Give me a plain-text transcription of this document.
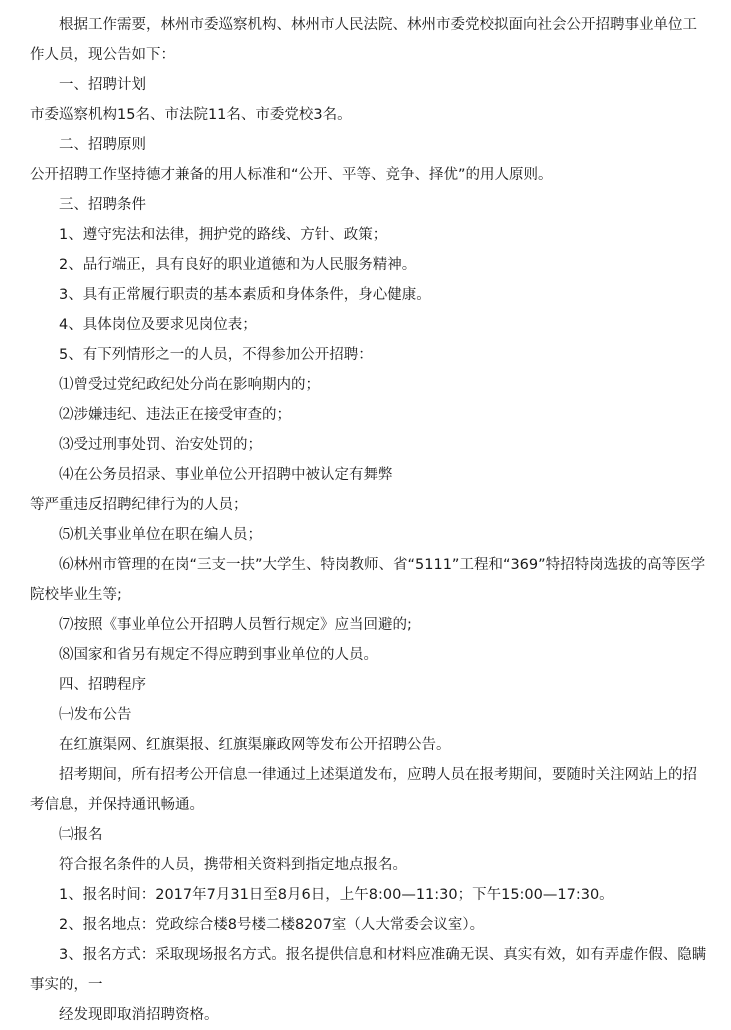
根据工作需要，林州市委巡察机构、林州市人民法院、林州市委党校拟面向社会公开招聘事业单位工作人员，现公告如下：

一、招聘计划

市委巡察机构15名、市法院11名、市委党校3名。

二、招聘原则

公开招聘工作坚持德才兼备的用人标准和“公开、平等、竞争、择优”的用人原则。

三、招聘条件

1、遵守宪法和法律，拥护党的路线、方针、政策；

2、品行端正，具有良好的职业道德和为人民服务精神。

3、具有正常履行职责的基本素质和身体条件，身心健康。

4、具体岗位及要求见岗位表；

5、有下列情形之一的人员，不得参加公开招聘：

⑴曾受过党纪政纪处分尚在影响期内的；

⑵涉嫌违纪、违法正在接受审查的；

⑶受过刑事处罚、治安处罚的；

⑷在公务员招录、事业单位公开招聘中被认定有舞弊

等严重违反招聘纪律行为的人员；

⑸机关事业单位在职在编人员；

⑹林州市管理的在岗“三支一扶”大学生、特岗教师、省“5111”工程和“369”特招特岗选拔的高等医学院校毕业生等;

⑺按照《事业单位公开招聘人员暂行规定》应当回避的;

⑻国家和省另有规定不得应聘到事业单位的人员。

四、招聘程序

㈠发布公告

在红旗渠网、红旗渠报、红旗渠廉政网等发布公开招聘公告。

招考期间，所有招考公开信息一律通过上述渠道发布，应聘人员在报考期间，要随时关注网站上的招考信息，并保持通讯畅通。

㈡报名

符合报名条件的人员，携带相关资料到指定地点报名。

1、报名时间：2017年7月31日至8月6日，上午8:00—11:30；下午15:00—17:30。

2、报名地点：党政综合楼8号楼二楼8207室（人大常委会议室）。

3、报名方式：采取现场报名方式。报名提供信息和材料应准确无误、真实有效，如有弄虚作假、隐瞒事实的，一

经发现即取消招聘资格。
